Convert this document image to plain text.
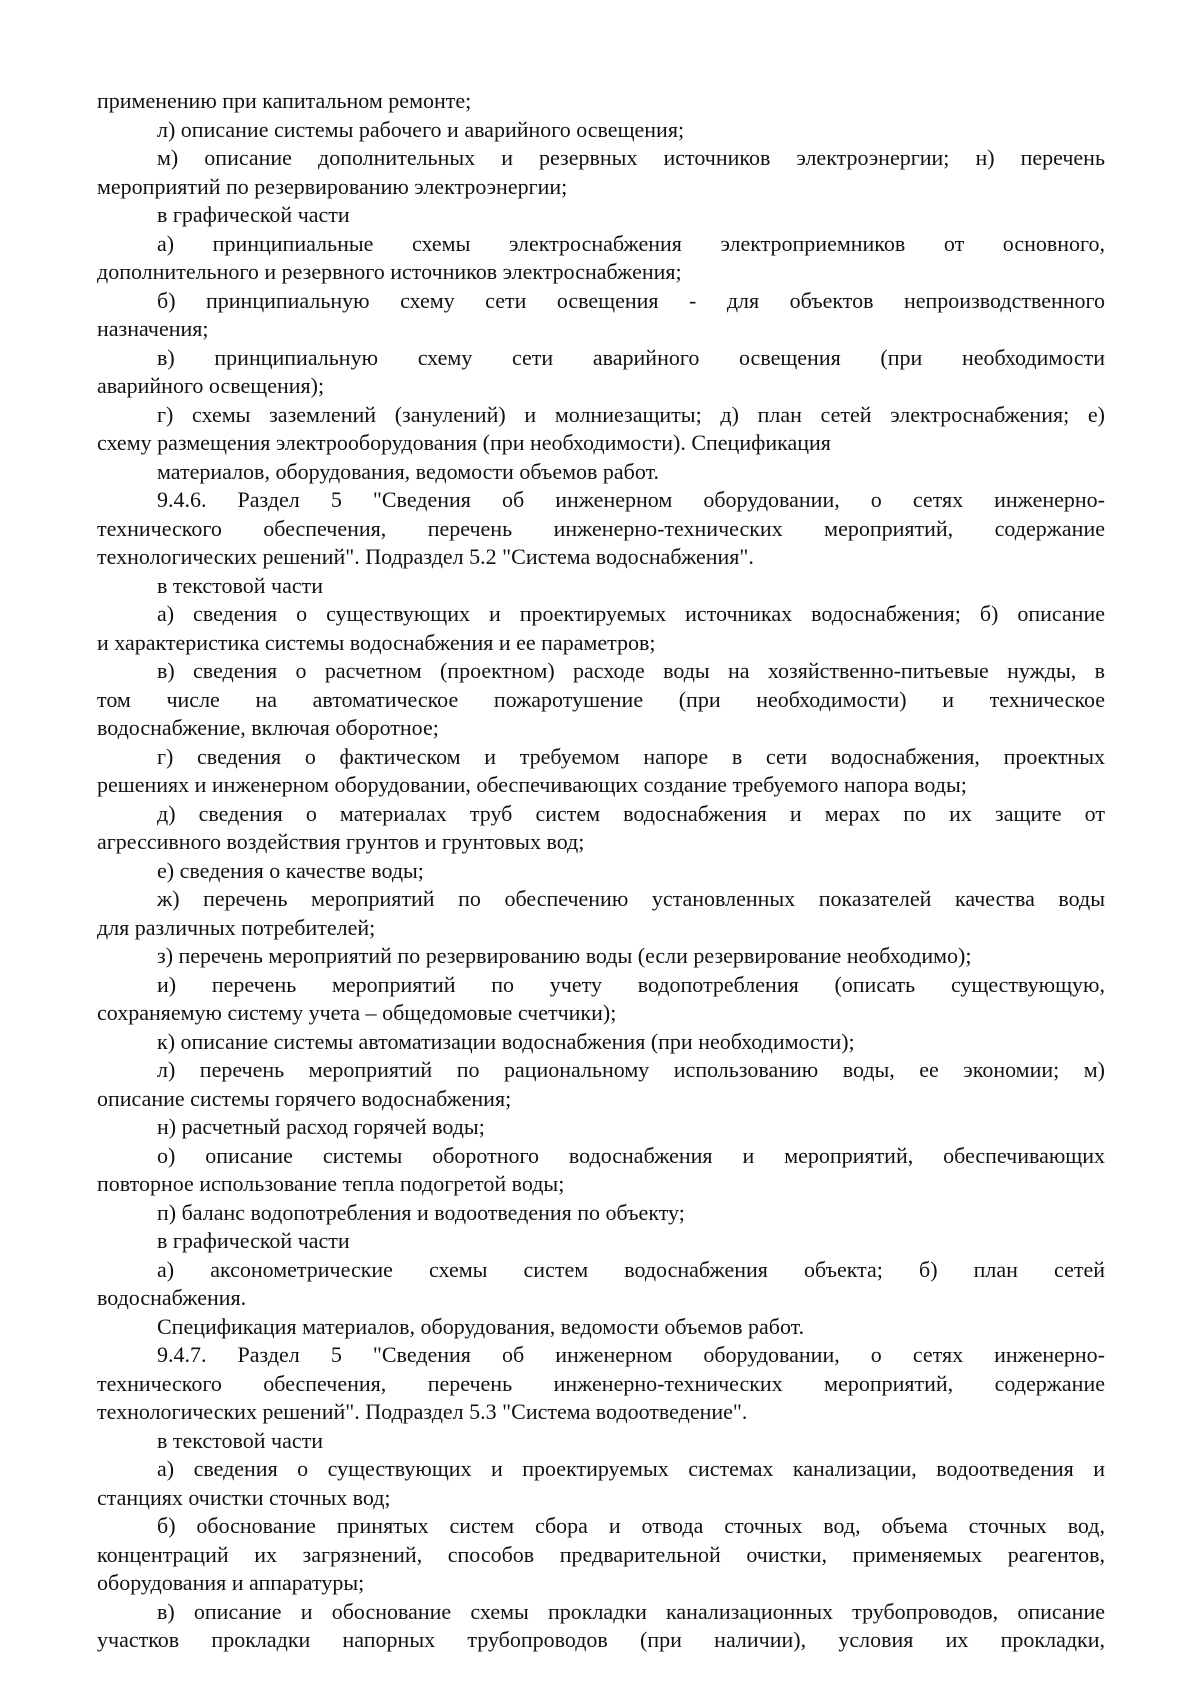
применению при капитальном ремонте;
л) описание системы рабочего и аварийного освещения;
м) описание дополнительных и резервных источников электроэнергии; н) перечень
мероприятий по резервированию электроэнергии;
в графической части
а) принципиальные схемы электроснабжения электроприемников от основного,
дополнительного и резервного источников электроснабжения;
б) принципиальную схему сети освещения - для объектов непроизводственного
назначения;
в) принципиальную схему сети аварийного освещения (при необходимости
аварийного освещения);
г) схемы заземлений (занулений) и молниезащиты; д) план сетей электроснабжения; е)
схему размещения электрооборудования (при необходимости). Спецификация
материалов, оборудования, ведомости объемов работ.
9.4.6. Раздел 5 "Сведения об инженерном оборудовании, о сетях инженерно-
технического обеспечения, перечень инженерно-технических мероприятий, содержание
технологических решений". Подраздел 5.2 "Система водоснабжения".
в текстовой части
а) сведения о существующих и проектируемых источниках водоснабжения; б) описание
и характеристика системы водоснабжения и ее параметров;
в) сведения о расчетном (проектном) расходе воды на хозяйственно-питьевые нужды, в
том числе на автоматическое пожаротушение (при необходимости) и техническое
водоснабжение, включая оборотное;
г) сведения о фактическом и требуемом напоре в сети водоснабжения, проектных
решениях и инженерном оборудовании, обеспечивающих создание требуемого напора воды;
д) сведения о материалах труб систем водоснабжения и мерах по их защите от
агрессивного воздействия грунтов и грунтовых вод;
е) сведения о качестве воды;
ж) перечень мероприятий по обеспечению установленных показателей качества воды
для различных потребителей;
з) перечень мероприятий по резервированию воды (если резервирование необходимо);
и) перечень мероприятий по учету водопотребления (описать существующую,
сохраняемую систему учета – общедомовые счетчики);
к) описание системы автоматизации водоснабжения (при необходимости);
л) перечень мероприятий по рациональному использованию воды, ее экономии; м)
описание системы горячего водоснабжения;
н) расчетный расход горячей воды;
о) описание системы оборотного водоснабжения и мероприятий, обеспечивающих
повторное использование тепла подогретой воды;
п) баланс водопотребления и водоотведения по объекту;
в графической части
а) аксонометрические схемы систем водоснабжения объекта; б) план сетей
водоснабжения.
Спецификация материалов, оборудования, ведомости объемов работ.
9.4.7. Раздел 5 "Сведения об инженерном оборудовании, о сетях инженерно-
технического обеспечения, перечень инженерно-технических мероприятий, содержание
технологических решений". Подраздел 5.3 "Система водоотведение".
в текстовой части
а) сведения о существующих и проектируемых системах канализации, водоотведения и
станциях очистки сточных вод;
б) обоснование принятых систем сбора и отвода сточных вод, объема сточных вод,
концентраций их загрязнений, способов предварительной очистки, применяемых реагентов,
оборудования и аппаратуры;
в) описание и обоснование схемы прокладки канализационных трубопроводов, описание
участков прокладки напорных трубопроводов (при наличии), условия их прокладки,
